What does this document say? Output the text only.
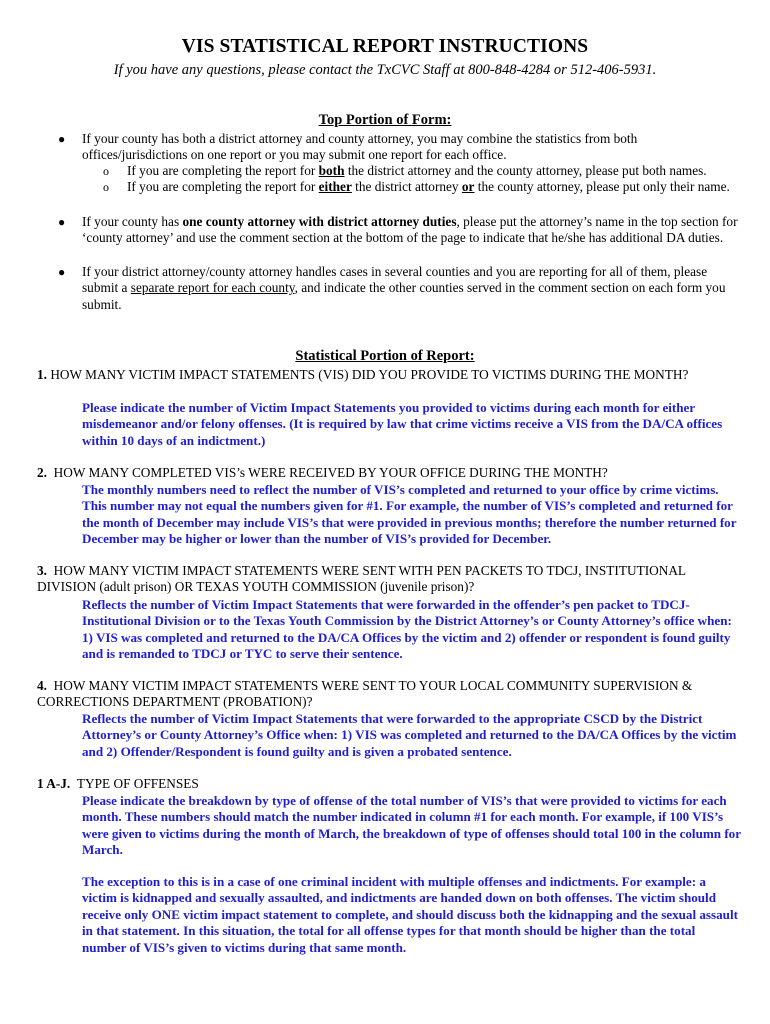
VIS STATISTICAL REPORT INSTRUCTIONS
If you have any questions, please contact the TxCVC Staff at 800-848-4284 or 512-406-5931.
Top Portion of Form:
● If your county has both a district attorney and county attorney, you may combine the statistics from both offices/jurisdictions on one report or you may submit one report for each office.
o If you are completing the report for both the district attorney and the county attorney, please put both names.
o If you are completing the report for either the district attorney or the county attorney, please put only their name.
● If your county has one county attorney with district attorney duties, please put the attorney’s name in the top section for ‘county attorney’ and use the comment section at the bottom of the page to indicate that he/she has additional DA duties.
● If your district attorney/county attorney handles cases in several counties and you are reporting for all of them, please submit a separate report for each county, and indicate the other counties served in the comment section on each form you submit.
Statistical Portion of Report:
1. HOW MANY VICTIM IMPACT STATEMENTS (VIS) DID YOU PROVIDE TO VICTIMS DURING THE MONTH?
Please indicate the number of Victim Impact Statements you provided to victims during each month for either misdemeanor and/or felony offenses. (It is required by law that crime victims receive a VIS from the DA/CA offices within 10 days of an indictment.)
2. HOW MANY COMPLETED VIS’s WERE RECEIVED BY YOUR OFFICE DURING THE MONTH?
The monthly numbers need to reflect the number of VIS’s completed and returned to your office by crime victims. This number may not equal the numbers given for #1. For example, the number of VIS’s completed and returned for the month of December may include VIS’s that were provided in previous months; therefore the number returned for December may be higher or lower than the number of VIS’s provided for December.
3. HOW MANY VICTIM IMPACT STATEMENTS WERE SENT WITH PEN PACKETS TO TDCJ, INSTITUTIONAL DIVISION (adult prison) OR TEXAS YOUTH COMMISSION (juvenile prison)?
Reflects the number of Victim Impact Statements that were forwarded in the offender’s pen packet to TDCJ-Institutional Division or to the Texas Youth Commission by the District Attorney’s or County Attorney’s office when: 1) VIS was completed and returned to the DA/CA Offices by the victim and 2) offender or respondent is found guilty and is remanded to TDCJ or TYC to serve their sentence.
4. HOW MANY VICTIM IMPACT STATEMENTS WERE SENT TO YOUR LOCAL COMMUNITY SUPERVISION & CORRECTIONS DEPARTMENT (PROBATION)?
Reflects the number of Victim Impact Statements that were forwarded to the appropriate CSCD by the District Attorney’s or County Attorney’s Office when: 1) VIS was completed and returned to the DA/CA Offices by the victim and 2) Offender/Respondent is found guilty and is given a probated sentence.
1 A-J. TYPE OF OFFENSES
Please indicate the breakdown by type of offense of the total number of VIS’s that were provided to victims for each month. These numbers should match the number indicated in column #1 for each month. For example, if 100 VIS’s were given to victims during the month of March, the breakdown of type of offenses should total 100 in the column for March.
The exception to this is in a case of one criminal incident with multiple offenses and indictments. For example: a victim is kidnapped and sexually assaulted, and indictments are handed down on both offenses. The victim should receive only ONE victim impact statement to complete, and should discuss both the kidnapping and the sexual assault in that statement. In this situation, the total for all offense types for that month should be higher than the total number of VIS’s given to victims during that same month.
